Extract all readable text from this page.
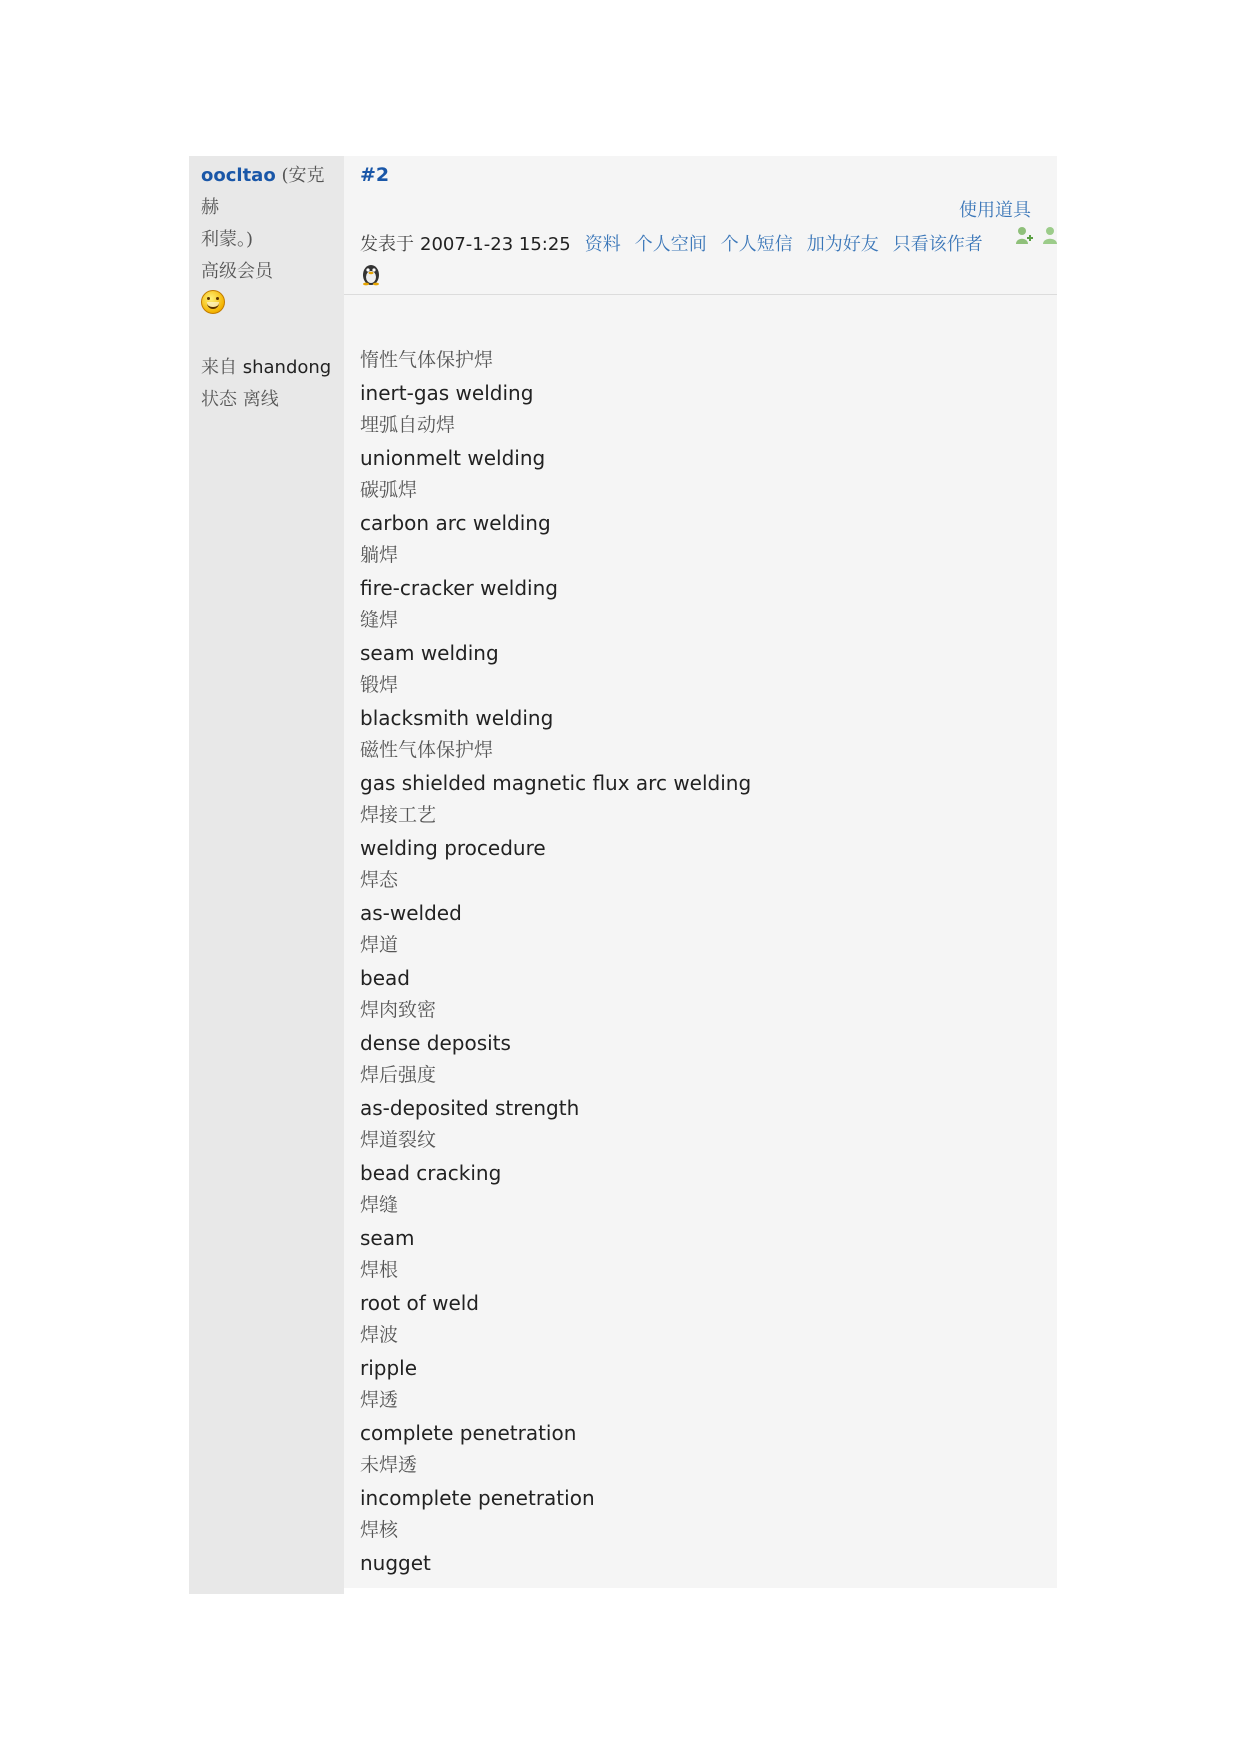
oocltao (安克赫
利蒙。)
高级会员
来自 shandong
状态 离线
#2
使用道具
发表于 2007-1-23 15:25 资料 个人空间 个人短信 加为好友 只看该作者
惰性气体保护焊
inert-gas welding
埋弧自动焊
unionmelt welding
碳弧焊
carbon arc welding
躺焊
fire-cracker welding
缝焊
seam welding
锻焊
blacksmith welding
磁性气体保护焊
gas shielded magnetic flux arc welding
焊接工艺
welding procedure
焊态
as-welded
焊道
bead
焊肉致密
dense deposits
焊后强度
as-deposited strength
焊道裂纹
bead cracking
焊缝
seam
焊根
root of weld
焊波
ripple
焊透
complete penetration
未焊透
incomplete penetration
焊核
nugget
